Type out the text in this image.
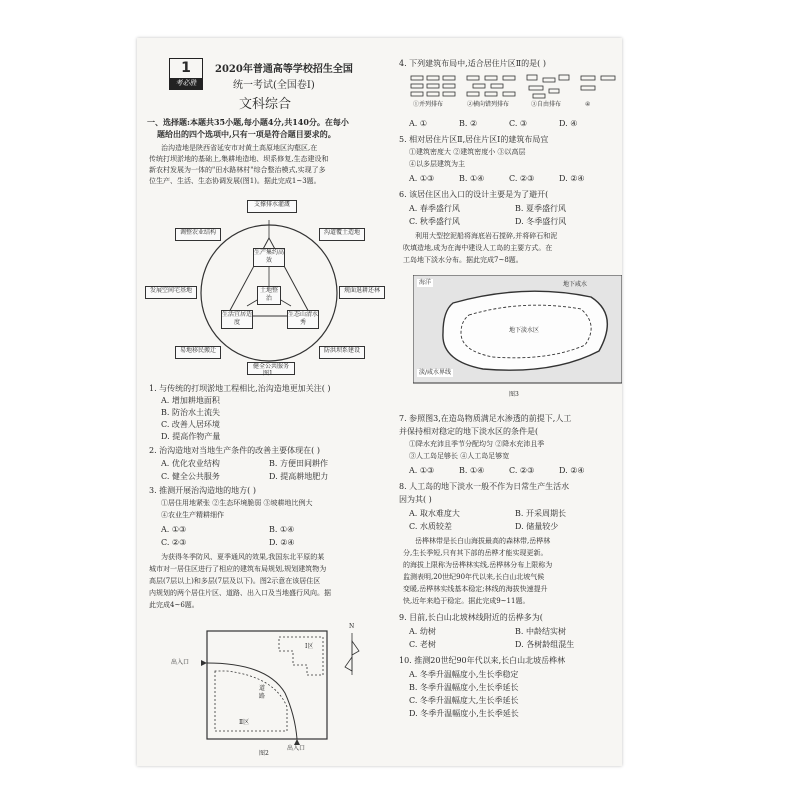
1
考必胜
2020年普通高等学校招生全国
统一考试(全国卷Ⅰ)
文科综合
一、选择题:本题共35小题,每小题4分,共140分。在每小
题给出的四个选项中,只有一项是符合题目要求的。
治沟造地是陕西省延安市对黄土高原地区沟壑区,在
传统打坝淤地的基础上,集耕地造地、坝系修复,生态建设和
新农村发展为一体的"田水路林村"综合整治模式,实现了多
位生产、生活、生态协调发展(图1)。据此完成1~3题。
支撑排水灌溉
调整农业结构	沟道覆土造地
发展空间宅基地	规面退耕还林
易地移民搬迁	防洪坝系建设
健全公共服务
生产集约高效
土地整治
生活宜居适度
生态山清水秀
图1
1. 与传统的打坝淤地工程相比,治沟造地更加关注( )
A. 增加耕地面积
B. 防治水土流失
C. 改善人居环境
D. 提高作物产量
2. 治沟造地对当地生产条件的改善主要体现在( )
A. 优化农业结构	B. 方便田间耕作
C. 健全公共服务	D. 提高耕地肥力
3. 推测开展治沟造地的地方( )
①居住用地紧张 ②生态环境脆弱 ③坡耕地比例大
④农业生产精耕细作
A. ①③	B. ①④
C. ②③	D. ②④
为获得冬季防风、夏季通风的效果,我国东北平原的某
城市对一居住区进行了相应的建筑布局规划,规划建筑物为
高层(7层以上)和多层(7层及以下)。图2示意在该居住区
内规划的两个居住片区、道路、出入口及当地盛行风向。据
此完成4~6题。
出入口
出入口
道路
Ⅰ区
Ⅱ区
N
图2
4. 下列建筑布局中,适合居住片区Ⅱ的是( )
①并列排布	②横向错列排布	③自由排布	④
A. ①	B. ②	C. ③	D. ④
5. 相对居住片区Ⅱ,居住片区Ⅰ的建筑布局宜
①建筑密度大 ②建筑密度小 ③以高层
④以多层建筑为主
A. ①③	B. ①④	C. ②③	D. ②④
6. 该居住区出入口的设计主要是为了避开(
A. 春季盛行风	B. 夏季盛行风
C. 秋季盛行风	D. 冬季盛行风
利用大型挖泥船将海底岩石搅碎,并将碎石和泥
吹填造地,成为在海中建设人工岛的主要方式。在
工岛地下淡水分布。据此完成7~8题。
海洋	地下咸水
地下淡水区
淡/咸水界线
图3
7. 参照图3,在造岛物质满足水渗透的前提下,人工
并保持相对稳定的地下淡水区的条件是(
①降水充沛且季节分配均匀 ②降水充沛且季
③人工岛足够长 ④人工岛足够宽
A. ①③	B. ①④	C. ②③	D. ②④
8. 人工岛的地下淡水一般不作为日常生产生活水
因为其( )
A. 取水难度大	B. 开采周期长
C. 水质较差	D. 储量较少
岳桦林带是长白山海拔最高的森林带,岳桦林
分,生长季短,只有其下部的岳桦才能实现更新。
的海拔上限称为岳桦林实线,岳桦林分布上限称为
监测表明,20世纪90年代以来,长白山北坡气候
变暖,岳桦林实线基本稳定;林线的海拔快速提升
快,近年来趋于稳定。据此完成9~11题。
9. 目前,长白山北坡林线附近的岳桦多为(
A. 幼树	B. 中龄结实树
C. 老树	D. 各树龄组混生
10. 推测20世纪90年代以来,长白山北坡岳桦林
A. 冬季升温幅度小,生长季稳定
B. 冬季升温幅度小,生长季延长
C. 冬季升温幅度大,生长季延长
D. 冬季升温幅度小,生长季延长
